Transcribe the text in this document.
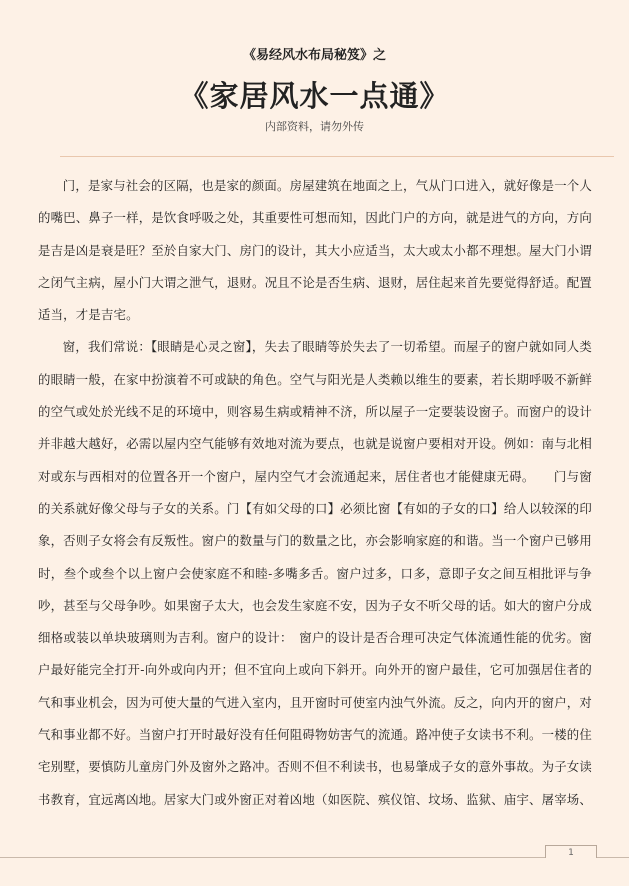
《易经风水布局秘笈》之
《家居风水一点通》
内部资料，请勿外传

门，是家与社会的区隔，也是家的颜面。房屋建筑在地面之上，气从门口进入，就好像是一个人的嘴巴、鼻子一样，是饮食呼吸之处，其重要性可想而知，因此门户的方向，就是进气的方向，方向是吉是凶是衰是旺？至於自家大门、房门的设计，其大小应适当，太大或太小都不理想。屋大门小谓之闭气主病，屋小门大谓之泄气，退财。况且不论是否生病、退财，居住起来首先要觉得舒适。配置适当，才是吉宅。

窗，我们常说：【眼睛是心灵之窗】，失去了眼睛等於失去了一切希望。而屋子的窗户就如同人类的眼睛一般，在家中扮演着不可或缺的角色。空气与阳光是人类赖以维生的要素，若长期呼吸不新鲜的空气或处於光线不足的环境中，则容易生病或精神不济，所以屋子一定要装设窗子。而窗户的设计并非越大越好，必需以屋内空气能够有效地对流为要点，也就是说窗户要相对开设。例如：南与北相对或东与西相对的位置各开一个窗户，屋内空气才会流通起来，居住者也才能健康无碍。　　门与窗的关系就好像父母与子女的关系。门【有如父母的口】必须比窗【有如的子女的口】给人以较深的印象，否则子女将会有反叛性。窗户的数量与门的数量之比，亦会影响家庭的和谐。当一个窗户已够用时，叁个或叁个以上窗户会使家庭不和睦-多嘴多舌。窗户过多，口多，意即子女之间互相批评与争吵，甚至与父母争吵。如果窗子太大，也会发生家庭不安，因为子女不听父母的话。如大的窗户分成细格或装以单块玻璃则为吉利。窗户的设计：　窗户的设计是否合理可决定气体流通性能的优劣。窗户最好能完全打开-向外或向内开；但不宜向上或向下斜开。向外开的窗户最佳，它可加强居住者的气和事业机会，因为可使大量的气进入室内，且开窗时可使室内浊气外流。反之，向内开的窗户，对气和事业都不好。当窗户打开时最好没有任何阻碍物妨害气的流通。路冲使子女读书不利。一楼的住宅别墅，要慎防儿童房门外及窗外之路冲。否则不但不利读书，也易肇成子女的意外事故。为子女读书教育，宜远离凶地。居家大门或外窗正对着凶地（如医院、殡仪馆、坟场、监狱、庙宇、屠宰场、

1
